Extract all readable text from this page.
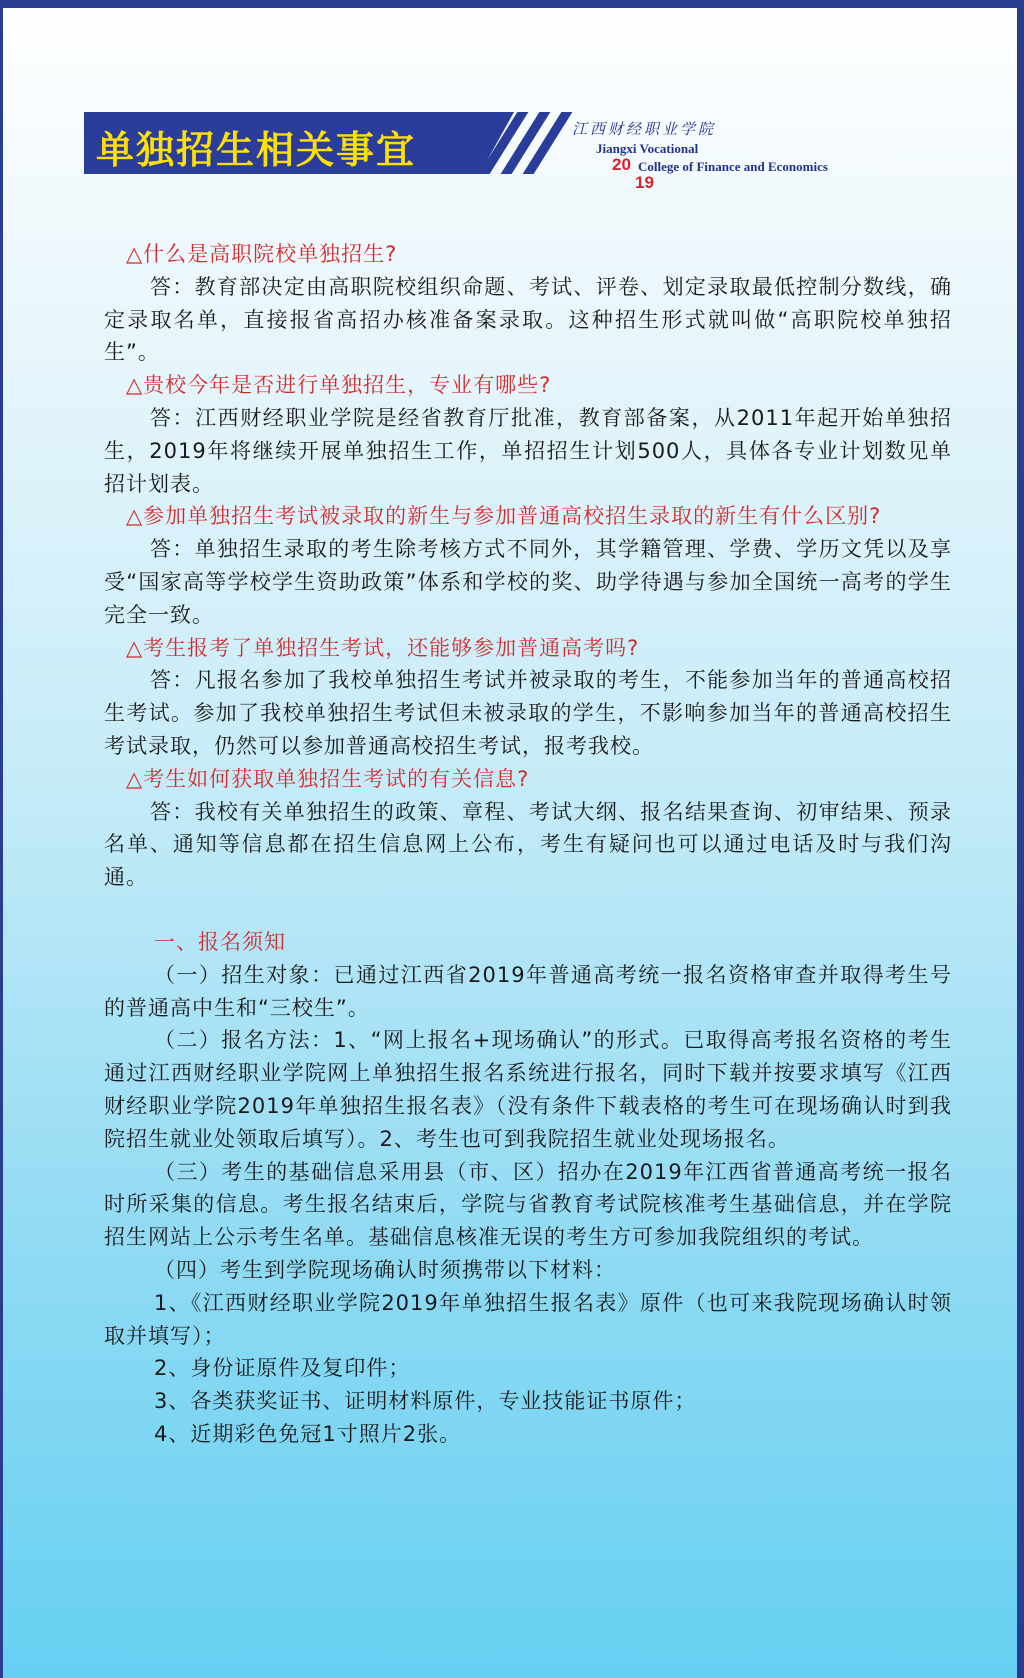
单独招生相关事宜	江西财经职业学院
Jiangxi Vocational
20 College of Finance and Economics
19

△什么是高职院校单独招生?

答：教育部决定由高职院校组织命题、考试、评卷、划定录取最低控制分数线，确定录取名单，直接报省高招办核准备案录取。这种招生形式就叫做“高职院校单独招生”。

△贵校今年是否进行单独招生，专业有哪些?

答：江西财经职业学院是经省教育厅批准，教育部备案，从2011年起开始单独招生，2019年将继续开展单独招生工作，单招招生计划500人，具体各专业计划数见单招计划表。

△参加单独招生考试被录取的新生与参加普通高校招生录取的新生有什么区别?

答：单独招生录取的考生除考核方式不同外，其学籍管理、学费、学历文凭以及享受“国家高等学校学生资助政策”体系和学校的奖、助学待遇与参加全国统一高考的学生完全一致。

△考生报考了单独招生考试，还能够参加普通高考吗?

答：凡报名参加了我校单独招生考试并被录取的考生，不能参加当年的普通高校招生考试。参加了我校单独招生考试但未被录取的学生，不影响参加当年的普通高校招生考试录取，仍然可以参加普通高校招生考试，报考我校。

△考生如何获取单独招生考试的有关信息?

答：我校有关单独招生的政策、章程、考试大纲、报名结果查询、初审结果、预录名单、通知等信息都在招生信息网上公布，考生有疑问也可以通过电话及时与我们沟通。

一、报名须知

（一）招生对象：已通过江西省2019年普通高考统一报名资格审查并取得考生号的普通高中生和“三校生”。

（二）报名方法：1、“网上报名+现场确认”的形式。已取得高考报名资格的考生通过江西财经职业学院网上单独招生报名系统进行报名，同时下载并按要求填写《江西财经职业学院2019年单独招生报名表》（没有条件下载表格的考生可在现场确认时到我院招生就业处领取后填写）。2、考生也可到我院招生就业处现场报名。

（三）考生的基础信息采用县（市、区）招办在2019年江西省普通高考统一报名时所采集的信息。考生报名结束后，学院与省教育考试院核准考生基础信息，并在学院招生网站上公示考生名单。基础信息核准无误的考生方可参加我院组织的考试。

（四）考生到学院现场确认时须携带以下材料：

1、《江西财经职业学院2019年单独招生报名表》原件（也可来我院现场确认时领取并填写）；

2、身份证原件及复印件；

3、各类获奖证书、证明材料原件，专业技能证书原件；

4、近期彩色免冠1寸照片2张。
